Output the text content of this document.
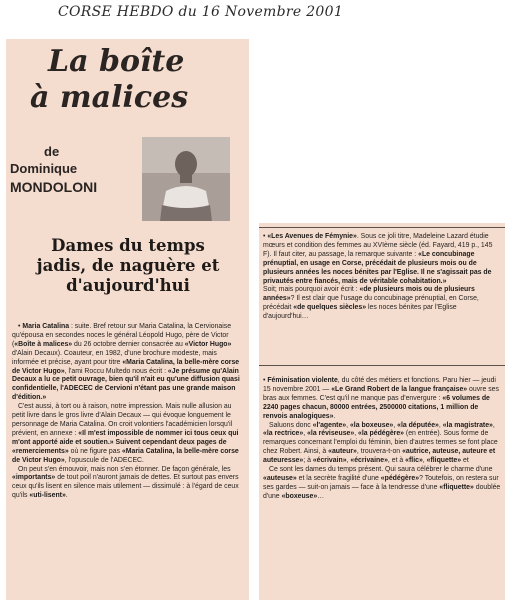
CORSE HEBDO du 16 Novembre 2001
La boîte
à malices
de
Dominique
MONDOLONI
Dames du temps jadis, de naguère et d'aujourd'hui

• Maria Catalina : suite. Bref retour sur Maria Catalina, la Cervionaise qu'épousa en secondes noces le général Léopold Hugo, père de Victor («Boîte à malices» du 26 octobre dernier consacrée au «Victor Hugo» d'Alain Decaux). Coauteur, en 1982, d'une brochure modeste, mais informée et précise, ayant pour titre «Maria Catalina, la belle-mère corse de Victor Hugo», l'ami Roccu Multedo nous écrit : «Je présume qu'Alain Decaux a lu ce petit ouvrage, bien qu'il n'ait eu qu'une diffusion quasi confidentielle, l'ADECEC de Cervioni n'étant pas une grande maison d'édition.»

C'est aussi, à tort ou à raison, notre impression. Mais nulle allusion au petit livre dans le gros livre d'Alain Decaux — qui évoque longuement le personnage de Maria Catalina. On croit volontiers l'académicien lorsqu'il prévient, en annexe : «Il m'est impossible de nommer ici tous ceux qui m'ont apporté aide et soutien.» Suivent cependant deux pages de «remerciements» où ne figure pas «Maria Catalina, la belle-mère corse de Victor Hugo», l'opuscule de l'ADECEC.

On peut s'en émouvoir, mais non s'en étonner. De façon générale, les «importants» de tout poil n'auront jamais de dettes. Et surtout pas envers ceux qu'ils lisent en silence mais utilement — dissimulé : à l'égard de ceux qu'ils «uti-lisent».

• «Les Avenues de Fémynie». Sous ce joli titre, Madeleine Lazard étudie mœurs et condition des femmes au XVIème siècle (éd. Fayard, 419 p., 145 F). Il faut citer, au passage, la remarque suivante : «Le concubinage prénuptial, en usage en Corse, précédait de plusieurs mois ou de plusieurs années les noces bénites par l'Eglise. Il ne s'agissait pas de privautés entre fiancés, mais de véritable cohabitation.»

Soit; mais pourquoi avoir écrit : «de plusieurs mois ou de plusieurs années»? Il est clair que l'usage du concubinage prénuptial, en Corse, précédait «de quelques siècles» les noces bénites par l'Eglise d'aujourd'hui…

• Féminisation violente, du côté des métiers et fonctions. Paru hier — jeudi 15 novembre 2001 — «Le Grand Robert de la langue française» ouvre ses bras aux femmes. C'est qu'il ne manque pas d'envergure : «6 volumes de 2240 pages chacun, 80000 entrées, 2500000 citations, 1 million de renvois analogiques».

Saluons donc «l'agente», «la boxeuse», «la députée», «la magistrate», «la rectrice», «la réviseuse», «la pédégère» (en entrée). Sous forme de remarques concernant l'emploi du féminin, bien d'autres termes se font place chez Robert. Ainsi, à «auteur», trouvera-t-on «autrice, auteuse, auteure et auteuresse»; à «écrivain», «écrivaine», et à «flic», «fliquette» et

Ce sont les dames du temps présent. Qui saura célébrer le charme d'une «auteuse» et la secrète fragilité d'une «pédégère»? Toutefois, on restera sur ses gardes — suit-on jamais — face à la tendresse d'une «fliquette» doublée d'une «boxeuse»…
